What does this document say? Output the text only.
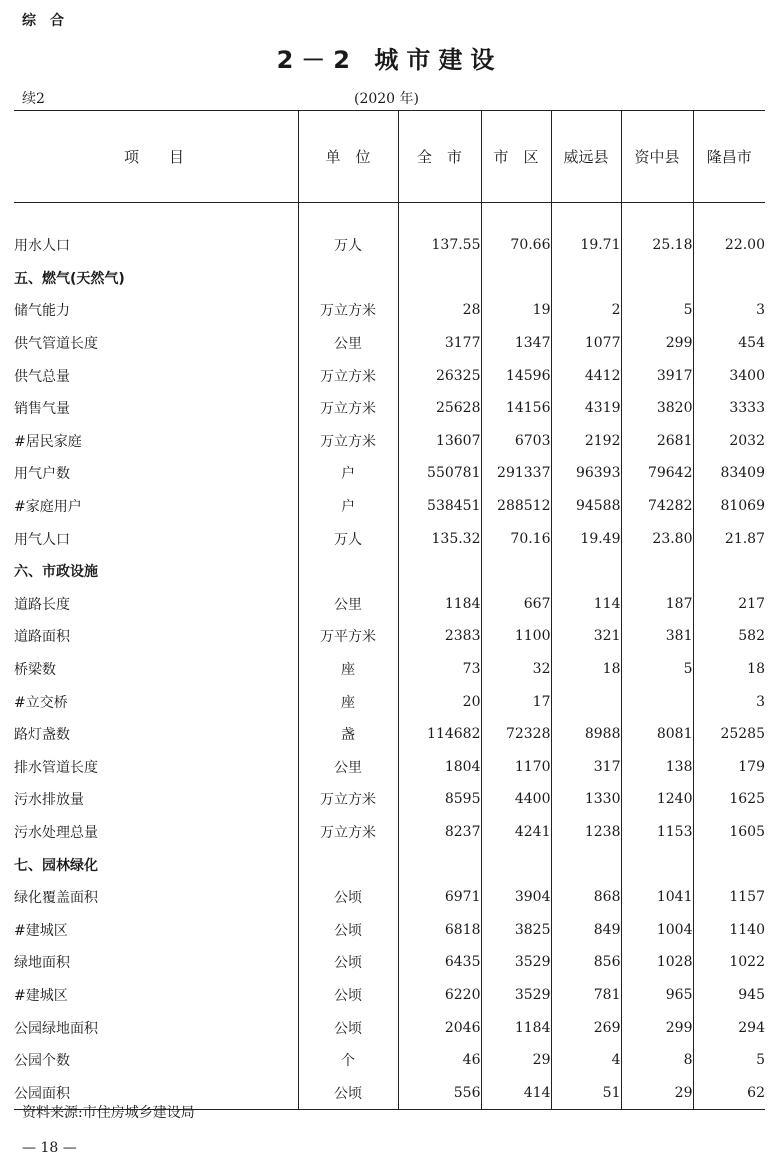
综合
2－2 城市建设
续2	(2020 年)
项　　目	单　位	全　市	市　区	威远县	资中县	隆昌市

用水人口	万人	137.55	70.66	19.71	25.18	22.00
五、燃气(天然气)						
储气能力	万立方米	28	19	2	5	3
供气管道长度	公里	3177	1347	1077	299	454
供气总量	万立方米	26325	14596	4412	3917	3400
销售气量	万立方米	25628	14156	4319	3820	3333
#居民家庭	万立方米	13607	6703	2192	2681	2032
用气户数	户	550781	291337	96393	79642	83409
#家庭用户	户	538451	288512	94588	74282	81069
用气人口	万人	135.32	70.16	19.49	23.80	21.87
六、市政设施						
道路长度	公里	1184	667	114	187	217
道路面积	万平方米	2383	1100	321	381	582
桥梁数	座	73	32	18	5	18
#立交桥	座	20	17			3
路灯盏数	盏	114682	72328	8988	8081	25285
排水管道长度	公里	1804	1170	317	138	179
污水排放量	万立方米	8595	4400	1330	1240	1625
污水处理总量	万立方米	8237	4241	1238	1153	1605
七、园林绿化						
绿化覆盖面积	公顷	6971	3904	868	1041	1157
#建城区	公顷	6818	3825	849	1004	1140
绿地面积	公顷	6435	3529	856	1028	1022
#建城区	公顷	6220	3529	781	965	945
公园绿地面积	公顷	2046	1184	269	299	294
公园个数	个	46	29	4	8	5
公园面积	公顷	556	414	51	29	62
资料来源:市住房城乡建设局
— 18 —
